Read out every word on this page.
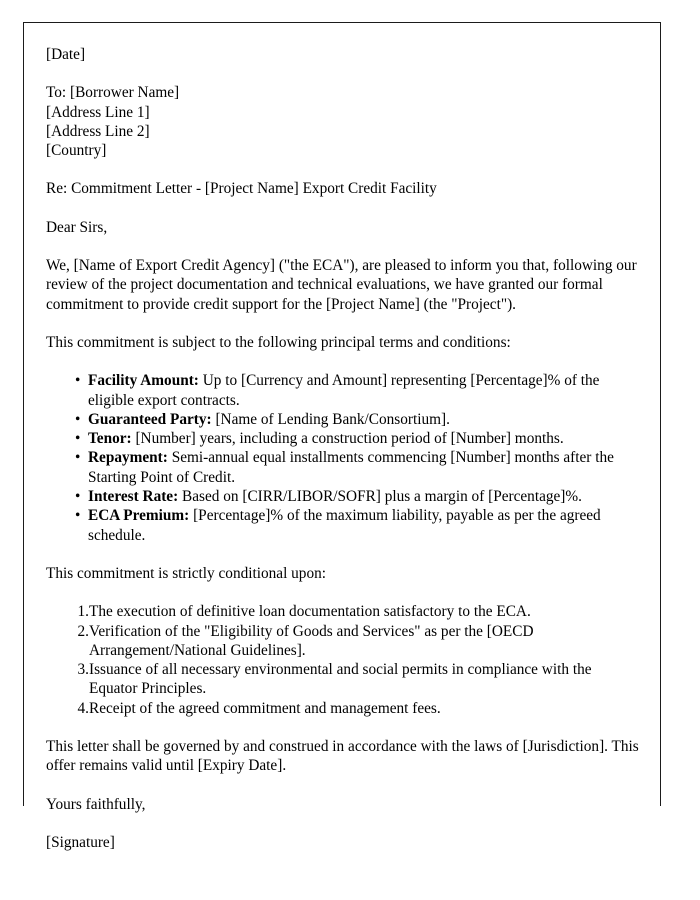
[Date]

To: [Borrower Name]
[Address Line 1]
[Address Line 2]
[Country]

Re: Commitment Letter - [Project Name] Export Credit Facility

Dear Sirs,

We, [Name of Export Credit Agency] ("the ECA"), are pleased to inform you that, following our review of the project documentation and technical evaluations, we have granted our formal commitment to provide credit support for the [Project Name] (the "Project").

This commitment is subject to the following principal terms and conditions:

• Facility Amount: Up to [Currency and Amount] representing [Percentage]% of the eligible export contracts.
• Guaranteed Party: [Name of Lending Bank/Consortium].
• Tenor: [Number] years, including a construction period of [Number] months.
• Repayment: Semi-annual equal installments commencing [Number] months after the Starting Point of Credit.
• Interest Rate: Based on [CIRR/LIBOR/SOFR] plus a margin of [Percentage]%.
• ECA Premium: [Percentage]% of the maximum liability, payable as per the agreed schedule.

This commitment is strictly conditional upon:

1. The execution of definitive loan documentation satisfactory to the ECA.
2. Verification of the "Eligibility of Goods and Services" as per the [OECD Arrangement/National Guidelines].
3. Issuance of all necessary environmental and social permits in compliance with the Equator Principles.
4. Receipt of the agreed commitment and management fees.

This letter shall be governed by and construed in accordance with the laws of [Jurisdiction]. This offer remains valid until [Expiry Date].

Yours faithfully,

[Signature]
